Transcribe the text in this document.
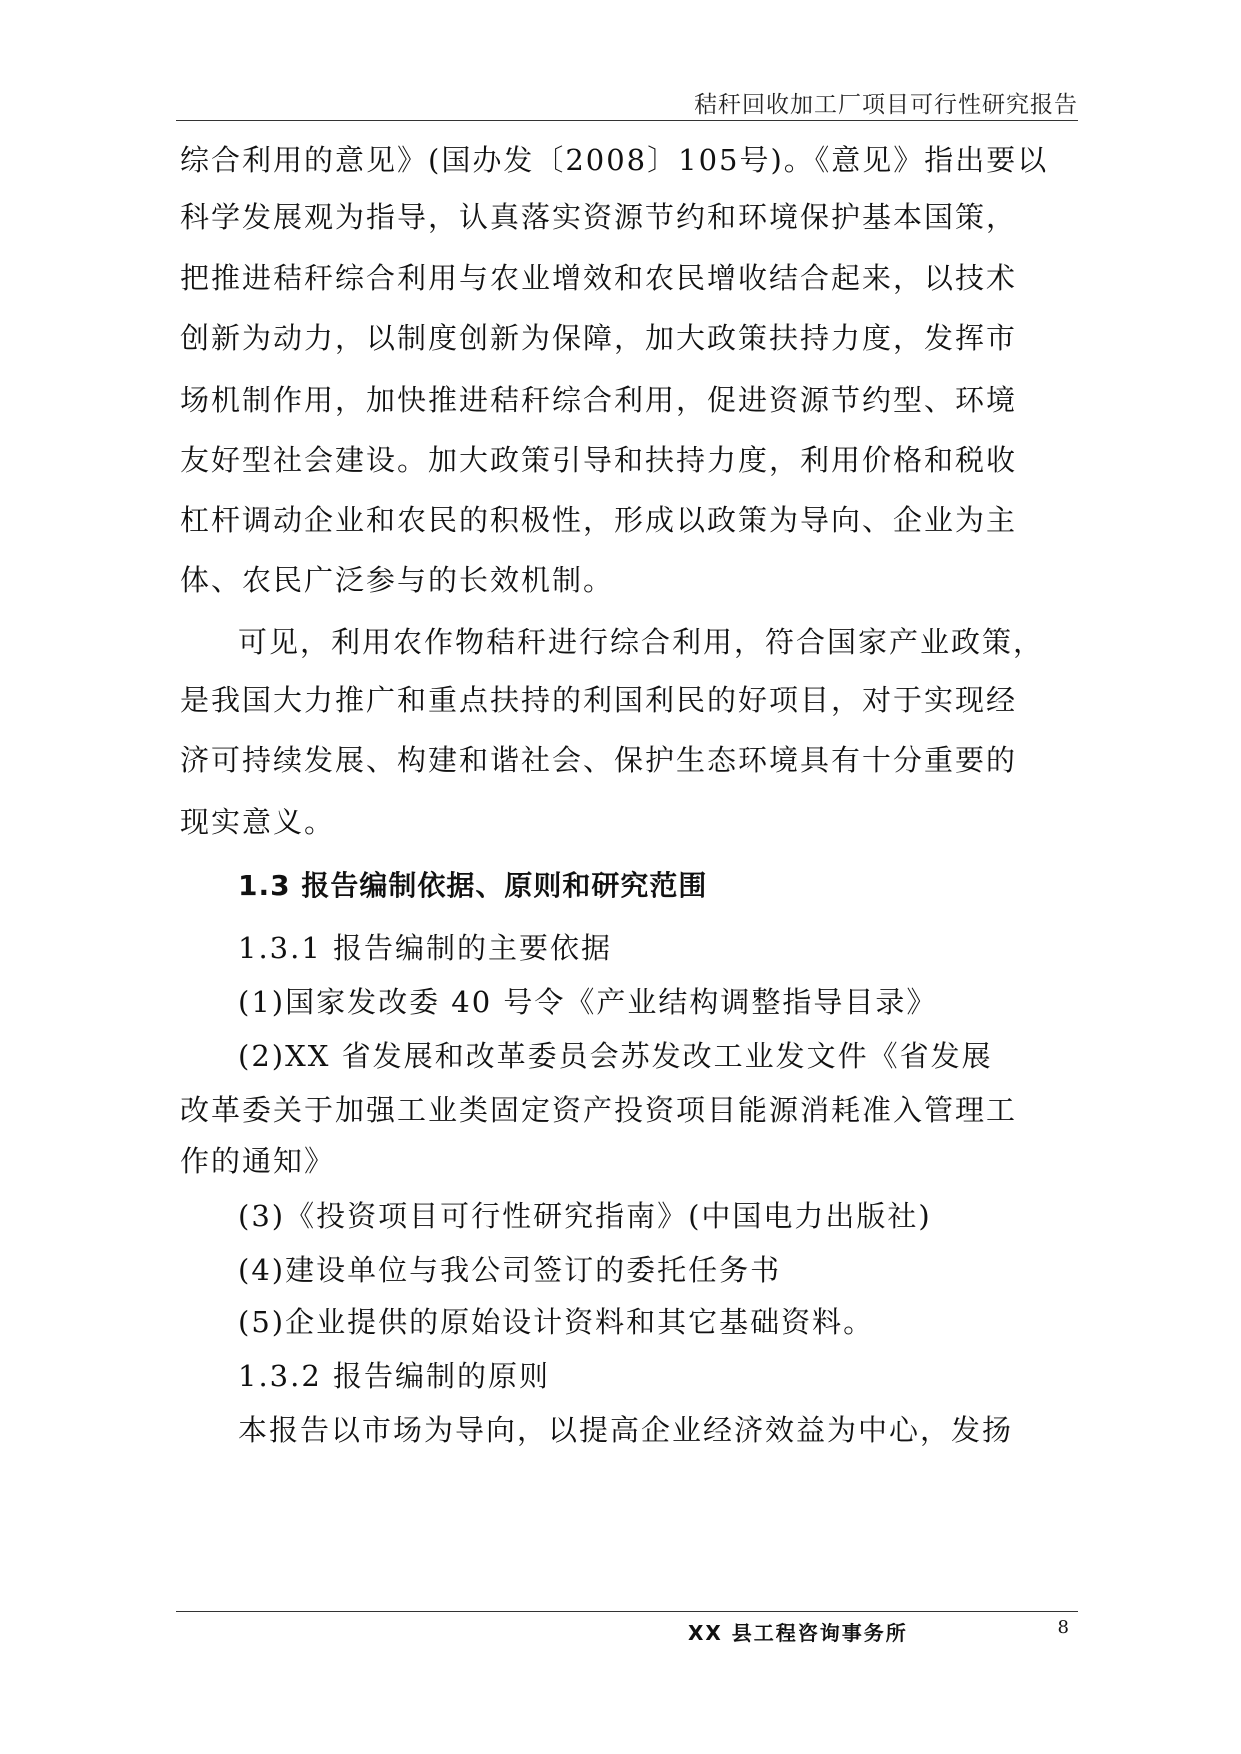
秸秆回收加工厂项目可行性研究报告
综合利用的意见》(国办发〔2008〕105号)。《意见》指出要以
科学发展观为指导，认真落实资源节约和环境保护基本国策，
把推进秸秆综合利用与农业增效和农民增收结合起来，以技术
创新为动力，以制度创新为保障，加大政策扶持力度，发挥市
场机制作用，加快推进秸秆综合利用，促进资源节约型、环境
友好型社会建设。加大政策引导和扶持力度，利用价格和税收
杠杆调动企业和农民的积极性，形成以政策为导向、企业为主
体、农民广泛参与的长效机制。
可见，利用农作物秸秆进行综合利用，符合国家产业政策，
是我国大力推广和重点扶持的利国利民的好项目，对于实现经
济可持续发展、构建和谐社会、保护生态环境具有十分重要的
现实意义。
1.3 报告编制依据、原则和研究范围
1.3.1 报告编制的主要依据
(1)国家发改委 40 号令《产业结构调整指导目录》
(2)XX 省发展和改革委员会苏发改工业发文件《省发展
改革委关于加强工业类固定资产投资项目能源消耗准入管理工
作的通知》
(3)《投资项目可行性研究指南》(中国电力出版社)
(4)建设单位与我公司签订的委托任务书
(5)企业提供的原始设计资料和其它基础资料。
1.3.2 报告编制的原则
本报告以市场为导向，以提高企业经济效益为中心，发扬
XX 县工程咨询事务所	8
